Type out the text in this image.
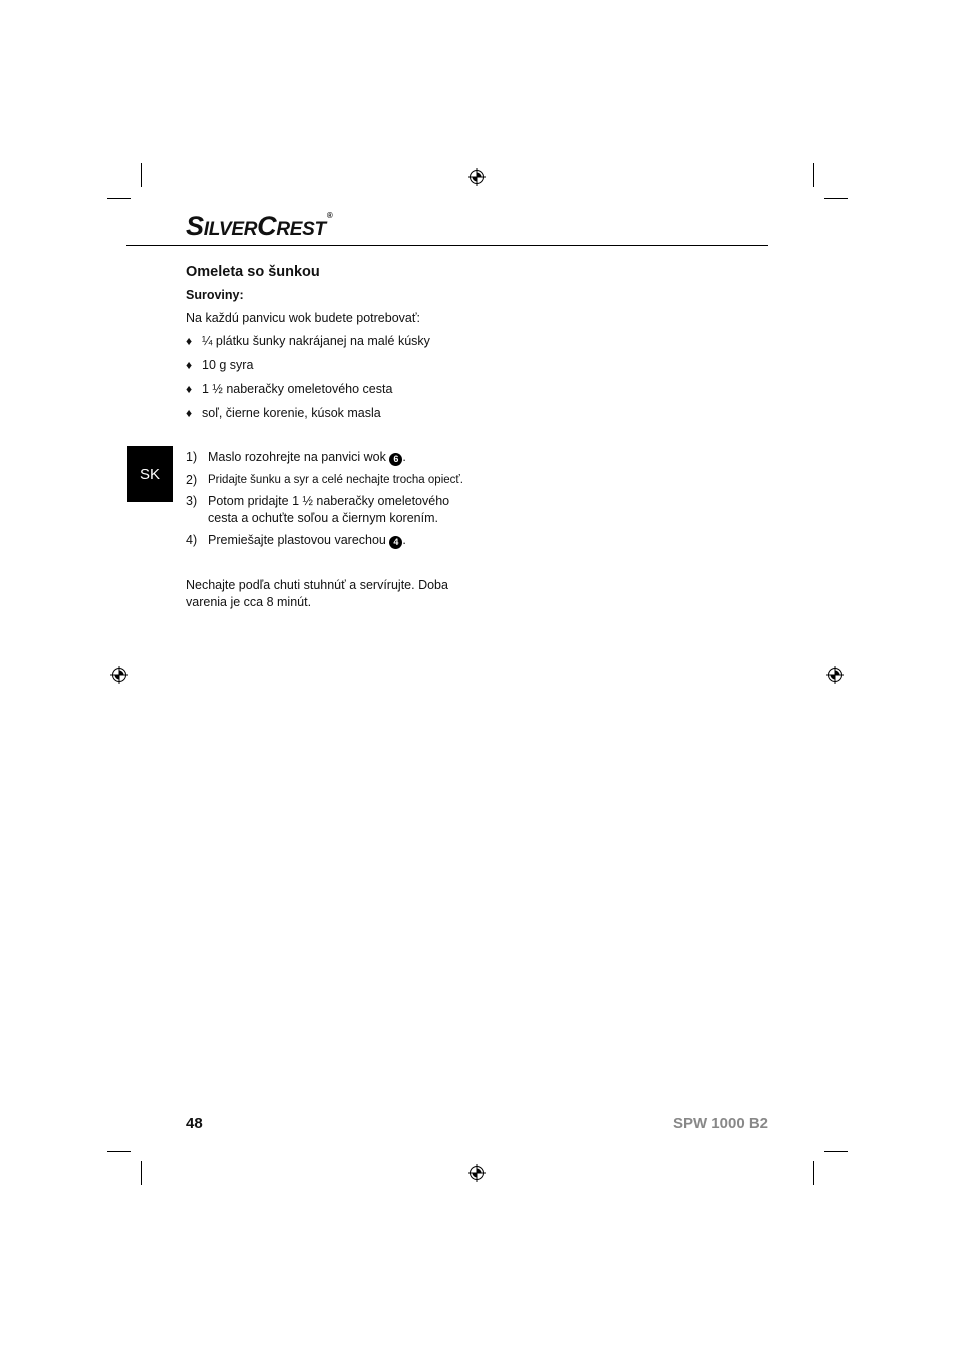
SILVERCREST®
SK
Omeleta so šunkou
Suroviny:
Na každú panvicu wok budete potrebovať:
♦ ¼ plátku šunky nakrájanej na malé kúsky
♦ 10 g syra
♦ 1 ½ naberačky omeletového cesta
♦ soľ, čierne korenie, kúsok masla
1) Maslo rozohrejte na panvici wok 6 .
2) Pridajte šunku a syr a celé nechajte trocha opiecť.
3) Potom pridajte 1 ½ naberačky omeletového
cesta a ochuťte soľou a čiernym korením.
4) Premiešajte plastovou varechou 4 .
Nechajte podľa chuti stuhnúť a servírujte. Doba
varenia je cca 8 minút.
48	SPW 1000 B2
